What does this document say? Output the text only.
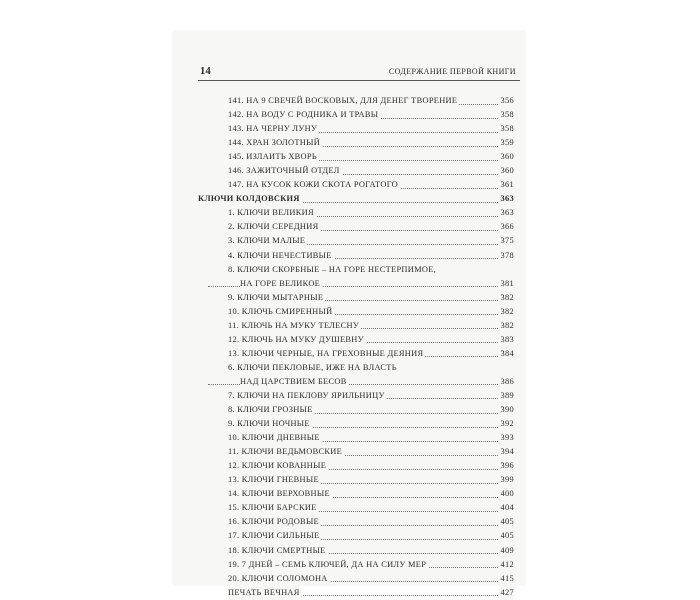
14	СОДЕРЖАНИЕ ПЕРВОЙ КНИГИ
141. НА 9 СВЕЧЕЙ ВОСКОВЫХ, ДЛЯ ДЕНЕГ ТВОРЕНИЕ	356
142. НА ВОДУ С РОДНИКА И ТРАВЫ	358
143. НА ЧЕРНУ ЛУНУ	358
144. ХРАН ЗОЛОТНЫЙ	359
145. ИЗЛАИТЬ ХВОРЬ	360
146. ЗАЖИТОЧНЫЙ ОТДЕЛ	360
147. НА КУСОК КОЖИ СКОТА РОГАТОГО	361
КЛЮЧИ КОЛДОВСКИЯ	363
1. КЛЮЧИ ВЕЛИКИЯ	363
2. КЛЮЧИ СЕРЕДНИЯ	366
3. КЛЮЧИ МАЛЫЕ	375
4. КЛЮЧИ НЕЧЕСТИВЫЕ	378
8. КЛЮЧИ СКОРБНЫЕ – НА ГОРЕ НЕСТЕРПИМОЕ,
НА ГОРЕ ВЕЛИКОЕ	381
9. КЛЮЧИ МЫТАРНЫЕ	382
10. КЛЮЧЬ СМИРЕННЫЙ	382
11. КЛЮЧЬ НА МУКУ ТЕЛЕСНУ	382
12. КЛЮЧЬ НА МУКУ ДУШЕВНУ	383
13. КЛЮЧИ ЧЕРНЫЕ, НА ГРЕХОВНЫЕ ДЕЯНИЯ	384
6. КЛЮЧИ ПЕКЛОВЫЕ, ИЖЕ НА ВЛАСТЬ
НАД ЦАРСТВИЕМ БЕСОВ	386
7. КЛЮЧИ НА ПЕКЛОВУ ЯРИЛЬНИЦУ	389
8. КЛЮЧИ ГРОЗНЫЕ	390
9. КЛЮЧИ НОЧНЫЕ	392
10. КЛЮЧИ ДНЕВНЫЕ	393
11. КЛЮЧИ ВЕДЬМОВСКИЕ	394
12. КЛЮЧИ КОВАННЫЕ	396
13. КЛЮЧИ ГНЕВНЫЕ	399
14. КЛЮЧИ ВЕРХОВНЫЕ	400
15. КЛЮЧИ БАРСКИЕ	404
16. КЛЮЧИ РОДОВЫЕ	405
17. КЛЮЧИ СИЛЬНЫЕ	405
18. КЛЮЧИ СМЕРТНЫЕ	409
19. 7 ДНЕЙ – СЕМЬ КЛЮЧЕЙ, ДА НА СИЛУ МЕР	412
20. КЛЮЧИ СОЛОМОНА	415
ПЕЧАТЬ ВЕЧНАЯ	427
